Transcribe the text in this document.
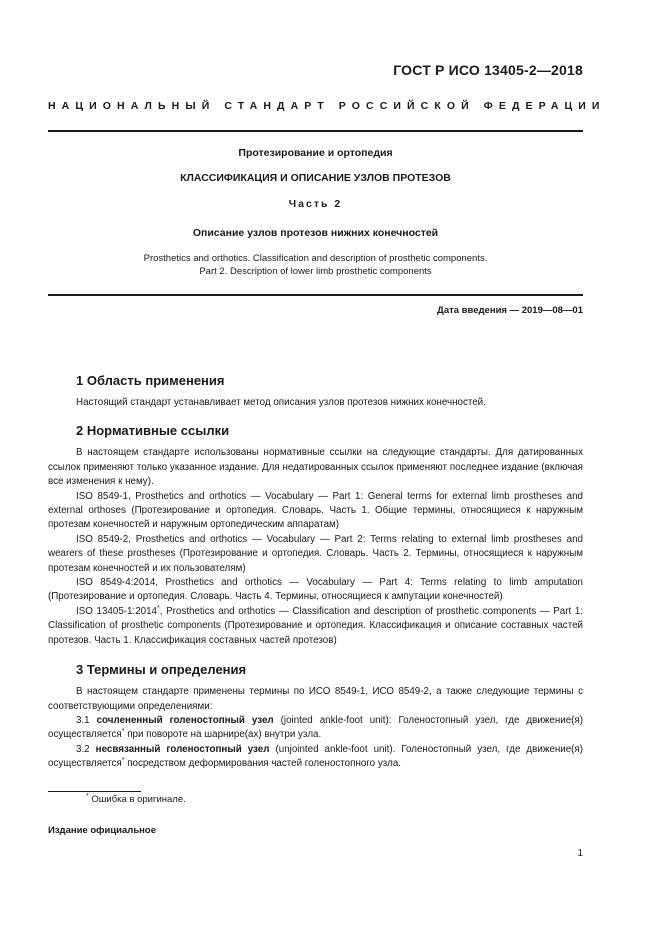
ГОСТ Р ИСО 13405-2—2018
НАЦИОНАЛЬНЫЙ СТАНДАРТ РОССИЙСКОЙ ФЕДЕРАЦИИ
Протезирование и ортопедия
КЛАССИФИКАЦИЯ И ОПИСАНИЕ УЗЛОВ ПРОТЕЗОВ
Часть 2
Описание узлов протезов нижних конечностей
Prosthetics and orthotics. Classification and description of prosthetic components.
Part 2. Description of lower limb prosthetic components
Дата введения — 2019—08—01
1 Область применения

Настоящий стандарт устанавливает метод описания узлов протезов нижних конечностей.

2 Нормативные ссылки

В настоящем стандарте использованы нормативные ссылки на следующие стандарты. Для датированных ссылок применяют только указанное издание. Для недатированных ссылок применяют последнее издание (включая все изменения к нему).

ISO 8549-1, Prosthetics and orthotics — Vocabulary — Part 1: General terms for external limb prostheses and external orthoses (Протезирование и ортопедия. Словарь. Часть 1. Общие термины, относящиеся к наружным протезам конечностей и наружным ортопедическим аппаратам)

ISO 8549-2, Prosthetics and orthotics — Vocabulary — Part 2: Terms relating to external limb prostheses and wearers of these prostheses (Протезирование и ортопедия. Словарь. Часть 2. Термины, относящиеся к наружным протезам конечностей и их пользователям)

ISO 8549-4:2014, Prosthetics and orthotics — Vocabulary — Part 4: Terms relating to limb amputation (Протезирование и ортопедия. Словарь. Часть 4. Термины, относящиеся к ампутации конечностей)

ISO 13405-1:2014*, Prosthetics and orthotics — Classification and description of prosthetic components — Part 1: Classification of prosthetic components (Протезирование и ортопедия. Классификация и описание составных частей протезов. Часть 1. Классификация составных частей протезов)

3 Термины и определения

В настоящем стандарте применены термины по ИСО 8549-1, ИСО 8549-2, а также следующие термины с соответствующими определениями:

3.1 сочлененный голеностопный узел (jointed ankle-foot unit): Голеностопный узел, где движение(я) осуществляется* при повороте на шарнире(ах) внутри узла.

3.2 несвязанный голеностопный узел (unjointed ankle-foot unit). Голеностопный узел, где движение(я) осуществляется* посредством деформирования частей голеностопного узла.

* Ошибка в оригинале.
Издание официальное
1
